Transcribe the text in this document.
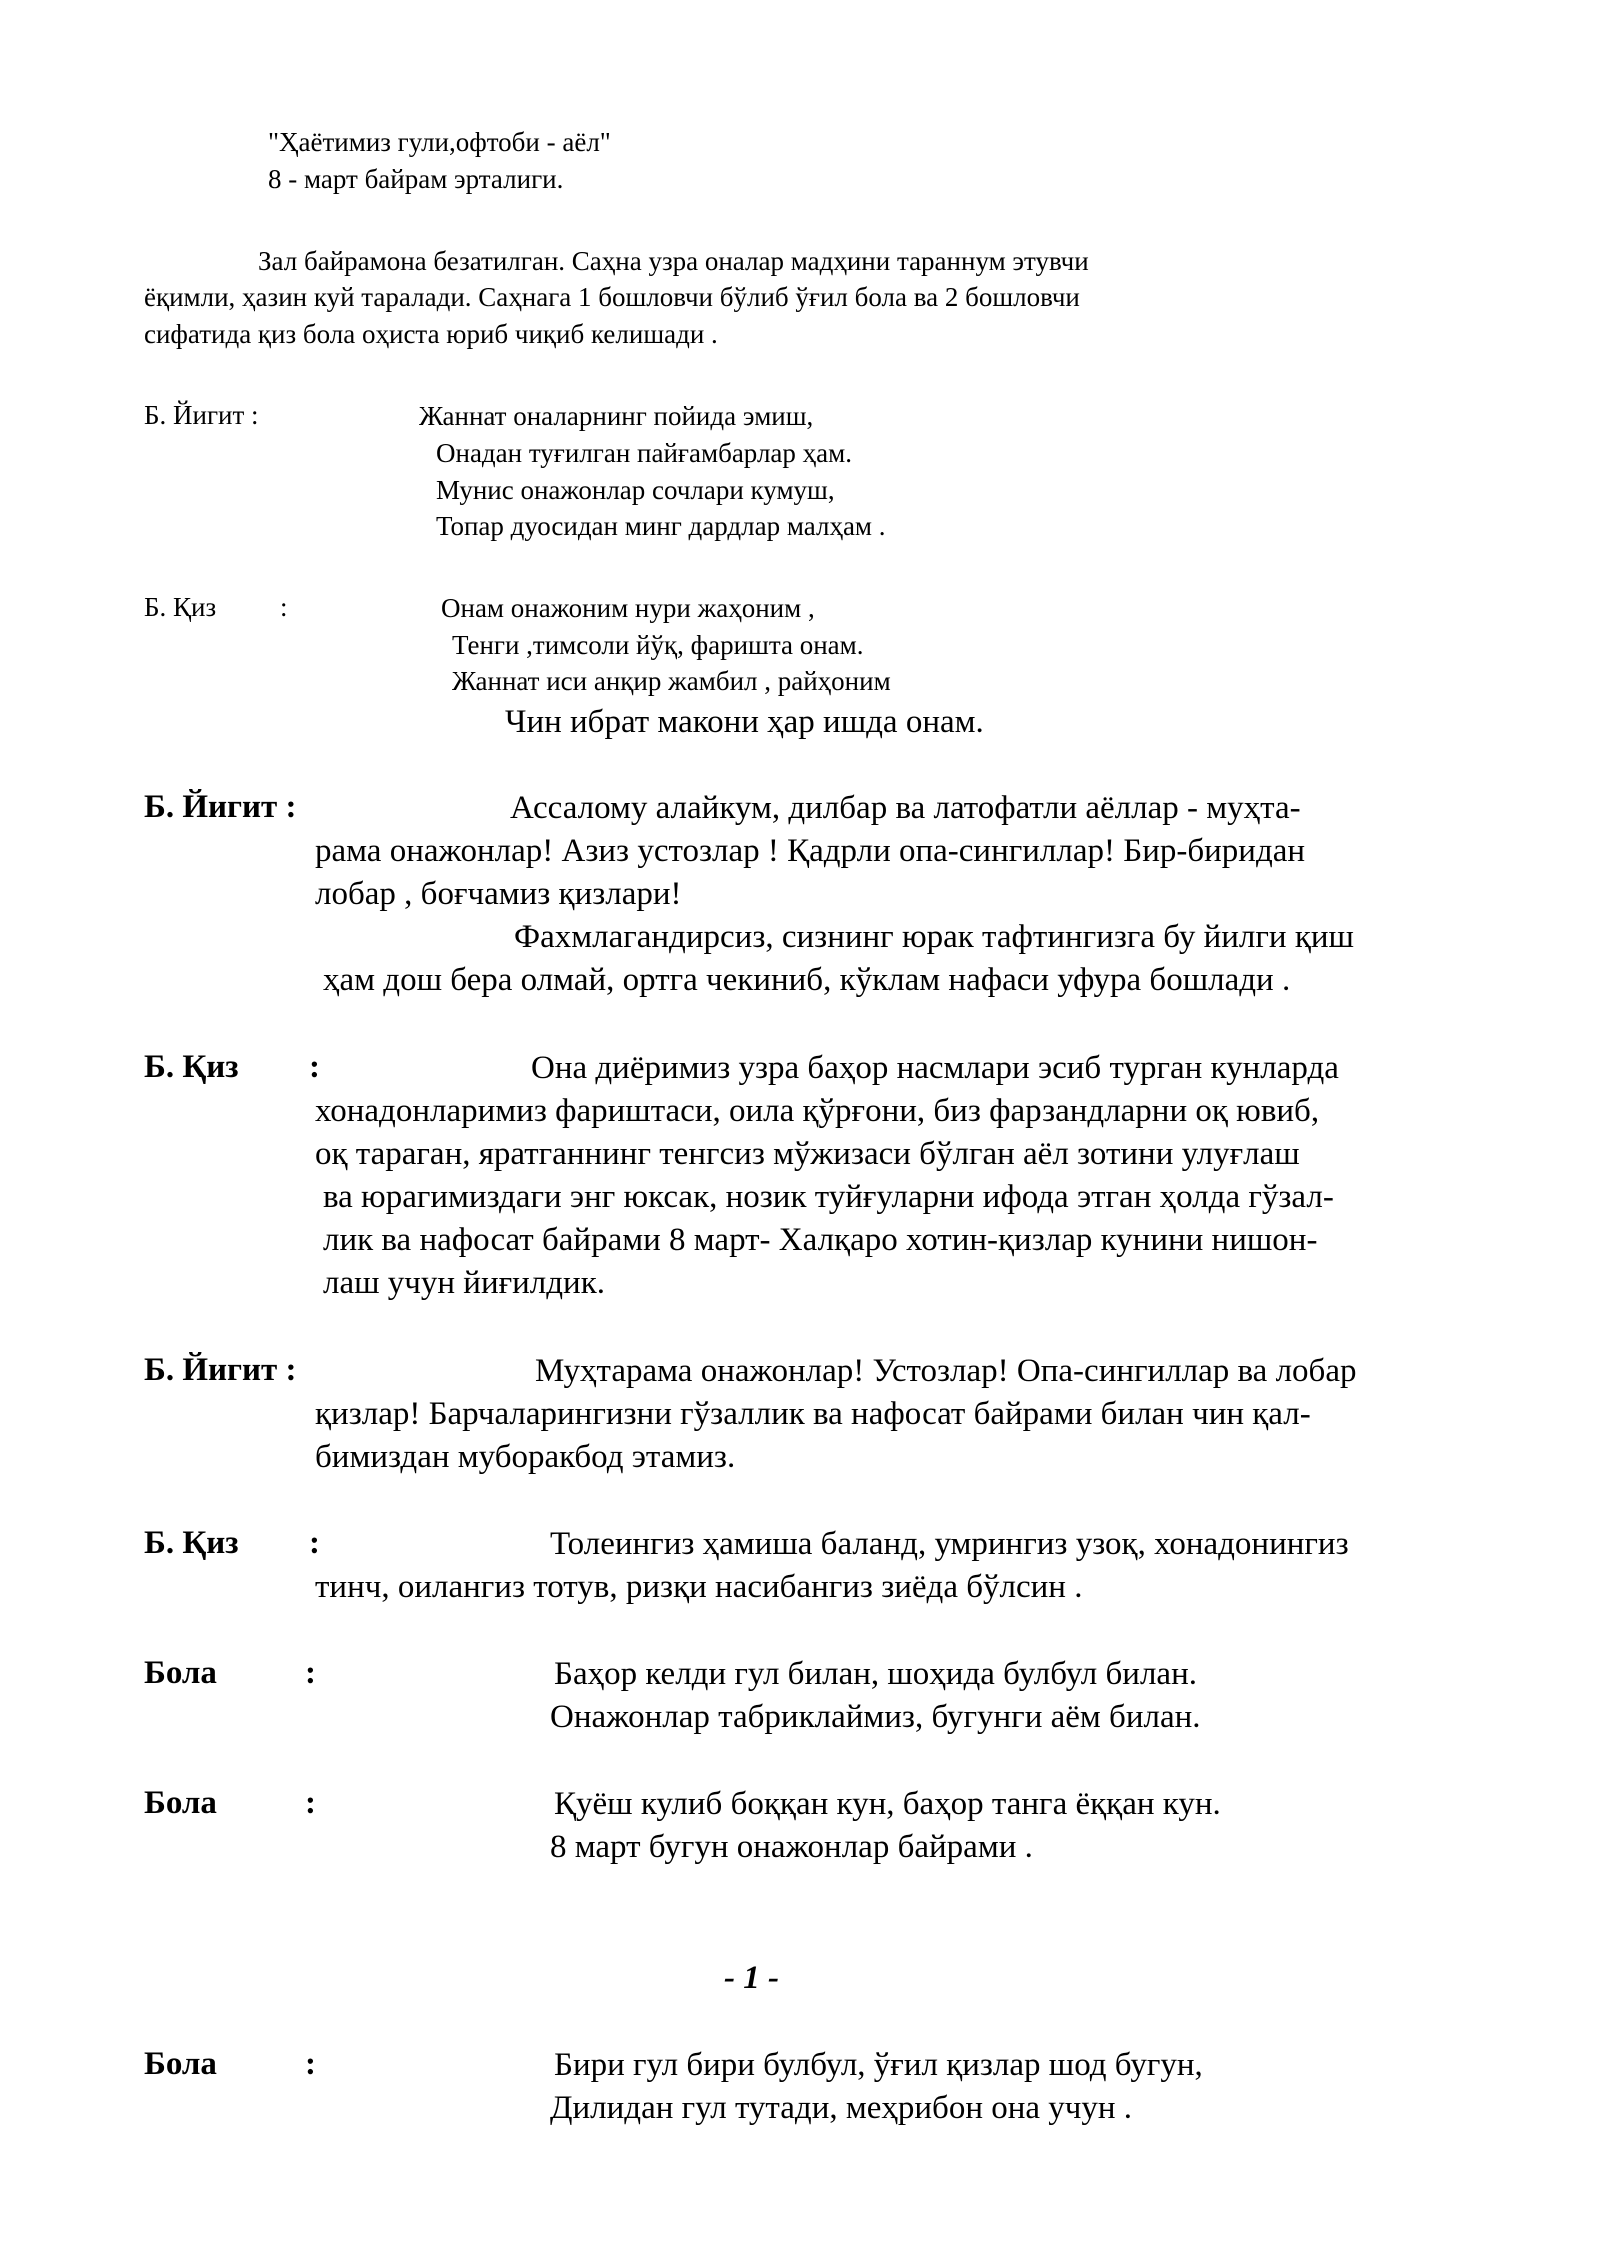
"Ҳаётимиз гули,офтоби - аёл"
8 - март байрам эрталиги.
Зал байрамона безатилган. Саҳна узра оналар мадҳини тараннум этувчи
ёқимли, ҳазин куй таралади. Саҳнага 1 бошловчи бўлиб ўғил бола ва 2 бошловчи
сифатида қиз бола оҳиста юриб чиқиб келишади .
Б. Йигит :	Жаннат оналарнинг пойида эмиш,
Онадан туғилган пайғамбарлар ҳам.
Мунис онажонлар сочлари кумуш,
Топар дуосидан минг дардлар малҳам .
Б. Қиз :	Онам онажоним нури жаҳоним ,
Тенги ,тимсоли йўқ, фаришта онам.
Жаннат иси анқир жамбил , райҳоним
Чин ибрат макони ҳар ишда онам.
Б. Йигит :	Ассалому алайкум, дилбар ва латофатли аёллар - муҳта-
рама онажонлар! Азиз устозлар ! Қадрли опа-сингиллар! Бир-биридан
лобар , боғчамиз қизлари!
Фахмлагандирсиз, сизнинг юрак тафтингизга бу йилги қиш
ҳам дош бера олмай, ортга чекиниб, кўклам нафаси уфура бошлади .
Б. Қиз :	Она диёримиз узра баҳор насмлари эсиб турган кунларда
хонадонларимиз фариштаси, оила қўрғони, биз фарзандларни оқ ювиб,
оқ тараган, яратганнинг тенгсиз мўжизаси бўлган аёл зотини улуғлаш
ва юрагимиздаги энг юксак, нозик туйғуларни ифода этган ҳолда гўзал-
лик ва нафосат байрами 8 март- Халқаро хотин-қизлар кунини нишон-
лаш учун йиғилдик.
Б. Йигит :	Муҳтарама онажонлар! Устозлар! Опа-сингиллар ва лобар
қизлар! Барчаларингизни гўзаллик ва нафосат байрами билан чин қал-
бимиздан муборакбод этамиз.
Б. Қиз :	Толеингиз ҳамиша баланд, умрингиз узоқ, хонадонингиз
тинч, оилангиз тотув, ризқи насибангиз зиёда бўлсин .
Бола	:	Баҳор келди гул билан, шоҳида булбул билан.
Онажонлар табриклаймиз, бугунги аём билан.
Бола	:	Қуёш кулиб боққан кун, баҳор танга ёққан кун.
8 март бугун онажонлар байрами .
- 1 -
Бола	:	Бири гул бири булбул, ўғил қизлар шод бугун,
Дилидан гул тутади, меҳрибон она учун .
